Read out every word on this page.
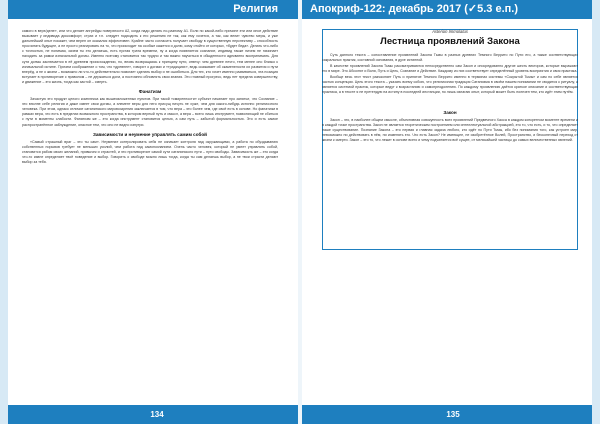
Религия

самого в вере/деле», или что делает апгрейды поверхности А2, когда надо делать по-разному А1. Если по какой-либо причине эти или иное действие вызывает у индивида дискомфорт, страх и т.п. следует подходить к его решению не так, как ему хочется, а так, как велит чувство меры, и уже дальнейший опыт покажет, чем верен он оказался эффективен. Крайне часто согласить получает свободу в существенную перспективу – способность просчитать будущее, а не просто реагировать на то, что происходит на особые кажется и долю, кому отойти от которых, «будет беда». Делать что-либо с точностью, не понимая, зачем ты это делаешь, есть пустая трата времени, ну а когда появляется сознание, индивид также ничем не начинает находить за рамки изначальной догмы. Именно поэтому становится так трудно и так важно научиться в обыденности адекватно воспринимать. Для сути догмы заключается в её древнем происхождении, но, вновь возвращаясь к принципу пути, отвечу: чем древнее нечто, тем менее оно близко к изначальной истине. Причем соображение о том, что «древнее», говорит о догмах и «традициях», ведь сказывает об окаменелости их развития и пути вперёд, а не о жизни – возможно ли что-то действительно помогает сделать выбор и не ошибиться. Для тех, кто хочет именно развиваться, эта позиция вступает в противоречие с правилом – не держаться догм, а постоянно обновлять свои знания. Это главный прогресс, ведь нет предела совершенству, и движение – это жизнь, тогда как застой – смерть.

Фанатизм

Зачастую это продукт целого комплекса как вышеизложенных пунктов. При такой «смиренности» субъект начинает про занятье, что Сознание – это вполне себе религия и даже имеет свои догмы, а элемент веры для него присущ ничуть не хуже, чем для какого-нибудь истинно религиозного человека. При этом, однако отличие сатанинского мировоззрения заключается в том, что вера – это более чем, где своё есть в основе. Но фанатизм в рамках вера, что есть в пределах возможного пространства, в котором верный путь и смысл, а вера – всего лишь инструмент, позволяющий не сбиться с пути в моменты слабости. Фанатизм же – это когда инструмент становится целью, а сам путь – забытой формальностью. Это и есть самое распространённое заблуждение, опасное тем, что оно не видно изнутри.

Зависимости и неумение управлять самим собой

«Самый страшный враг – это ты сам». Неумение контролировать себя не означает контроля над окружающими, а работа по обуздыванию собственных порывов требует не меньших усилий, чем работа над самопознанием. Очень часто человек, который не умеет управлять собой, становится рабом своих желаний, привычек и страстей, и это противоречит самой сути сатанинского пути – пути свободы. Зависимость же – это когда что-то извне определяет твоё поведение и выбор. Говорить о свободе можно лишь тогда, когда ты сам делаешь выбор, а не твои страсти делают выбор за тебя.

134
Апокриф-122: декабрь 2017 (✓5.3 е.п.)
Asterion Immolatus
Лестница проявлений Закона

Суть данного текста – сопоставление проявлений Закона Тьмы в разных древних Темного Веррито по Пути его, а также соответствующих сакральных практик, составной основания, в духе истинной.

В качестве проявлений Закона Тьмы рассматриваются непосредственно сам Закон и опосредованно другие шесть векторов, которые выражают его в мире. Это Абсолют и Воля, Путь и Цель, Сознание и Действие. Каждому из них соответствует определённый уровень восприятия и своя практика.

Вообще весь этот текст разъясняет Путь и принятие Темного Веррито именно в терминах системы «Сокрытой Тьмы» и сам по себе является частью концепции. Цель этого текста – указать всему собою, что религиозная традиция Сатанизма в своём нашем понимании не сводится к ритуалу, а является системой практик, которые ведут к возрастанию и самопреодолению. По каждому проявлению даётся краткое описание и соответствующая практика, а в тексте я не претендую на истину в последней инстанции, но лишь излагаю опыт, который может быть полезен тем, кто идёт этим путём.

Закон

Закон – это, в наиболее общем смысле, объективная совокупность всех проявлений Предвечного Хаоса в каждом конкретном моменте времени и в каждой точке пространства. Закон не является теоретическим построением или интеллектуальной абстракцией, это то, что есть, и то, что определяет наше существование. Познание Закона – это первая и главная задача любого, кто идёт по Пути Тьмы, ибо без понимания того, как устроен мир, невозможно ни действовать в нём, ни изменять его. Что есть Закон? Не имеющее, не изобретённое Волей, Пространство, и бесконечный переход от жизни к смерти. Закон – это то, что лежит в основе всего и чему подчиняется всё сущее, от мельчайшей частицы до самых величественных явлений.

135
